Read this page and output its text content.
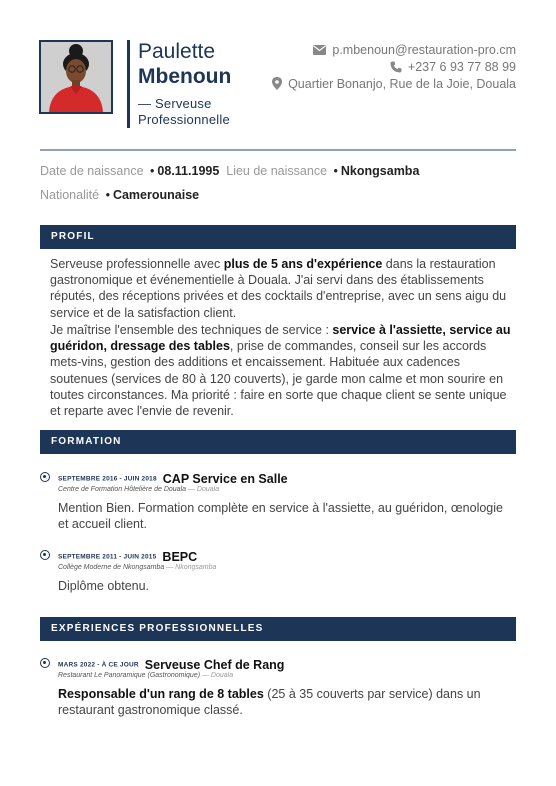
Paulette
Mbenoun
— Serveuse Professionnelle
p.mbenoun@restauration-pro.cm
+237 6 93 77 88 99
Quartier Bonanjo, Rue de la Joie, Douala
Date de naissance • 08.11.1995 Lieu de naissance • Nkongsamba
Nationalité • Camerounaise
PROFIL
Serveuse professionnelle avec plus de 5 ans d'expérience dans la restauration gastronomique et événementielle à Douala. J'ai servi dans des établissements réputés, des réceptions privées et des cocktails d'entreprise, avec un sens aigu du service et de la satisfaction client.
Je maîtrise l'ensemble des techniques de service : service à l'assiette, service au guéridon, dressage des tables, prise de commandes, conseil sur les accords mets-vins, gestion des additions et encaissement. Habituée aux cadences soutenues (services de 80 à 120 couverts), je garde mon calme et mon sourire en toutes circonstances. Ma priorité : faire en sorte que chaque client se sente unique et reparte avec l'envie de revenir.
FORMATION
SEPTEMBRE 2016 - JUIN 2018 CAP Service en Salle
Centre de Formation Hôtelière de Douala — Douala
Mention Bien. Formation complète en service à l'assiette, au guéridon, œnologie et accueil client.
SEPTEMBRE 2011 - JUIN 2015 BEPC
Collège Moderne de Nkongsamba — Nkongsamba
Diplôme obtenu.
EXPÉRIENCES PROFESSIONNELLES
MARS 2022 - À CE JOUR Serveuse Chef de Rang
Restaurant Le Panoramique (Gastronomique) — Douala
Responsable d'un rang de 8 tables (25 à 35 couverts par service) dans un restaurant gastronomique classé.
